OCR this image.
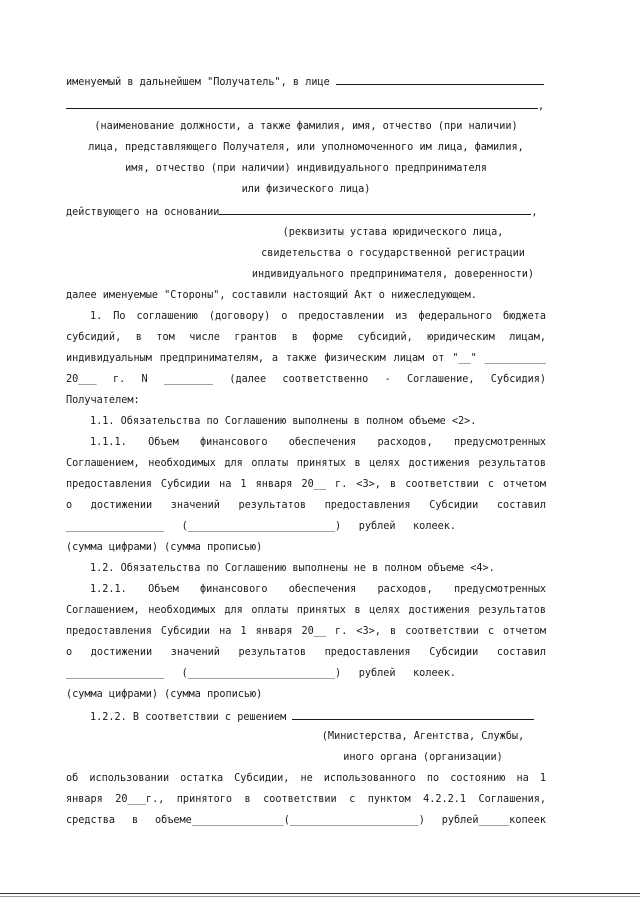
именуемый в дальнейшем "Получатель", в лице
,
(наименование должности, а также фамилия, имя, отчество (при наличии)
лица, представляющего Получателя, или уполномоченного им лица, фамилия,
имя, отчество (при наличии) индивидуального предпринимателя
или физического лица)
действующего на основании	,
(реквизиты устава юридического лица,
свидетельства о государственной регистрации
индивидуального предпринимателя, доверенности)
далее именуемые "Стороны", составили настоящий Акт о нижеследующем.
1. По соглашению (договору) о предоставлении из федерального бюджета
субсидий, в том числе грантов в форме субсидий, юридическим лицам,
индивидуальным предпринимателям, а также физическим лицам от "__" __________
20___ г. N ________ (далее соответственно - Соглашение, Субсидия)
Получателем:
1.1. Обязательства по Соглашению выполнены в полном объеме <2>.
1.1.1. Объем финансового обеспечения расходов, предусмотренных
Соглашением, необходимых для оплаты принятых в целях достижения результатов
предоставления Субсидии на 1 января 20__ г. <3>, в соответствии с отчетом
о достижении значений результатов предоставления Субсидии составил
________________ (________________________) рублей колеек.
(сумма цифрами) (сумма прописью)
1.2. Обязательства по Соглашению выполнены не в полном объеме <4>.
1.2.1. Объем финансового обеспечения расходов, предусмотренных
Соглашением, необходимых для оплаты принятых в целях достижения результатов
предоставления Субсидии на 1 января 20__ г. <3>, в соответствии с отчетом
о достижении значений результатов предоставления Субсидии составил
________________ (________________________) рублей колеек.
(сумма цифрами) (сумма прописью)
1.2.2. В соответствии с решением
(Министерства, Агентства, Службы,
иного органа (организации)
об использовании остатка Субсидии, не использованного по состоянию на 1
января 20___г., принятого в соответствии с пунктом 4.2.2.1 Соглашения,
средства в объеме_______________(_____________________) рублей_____копеек
